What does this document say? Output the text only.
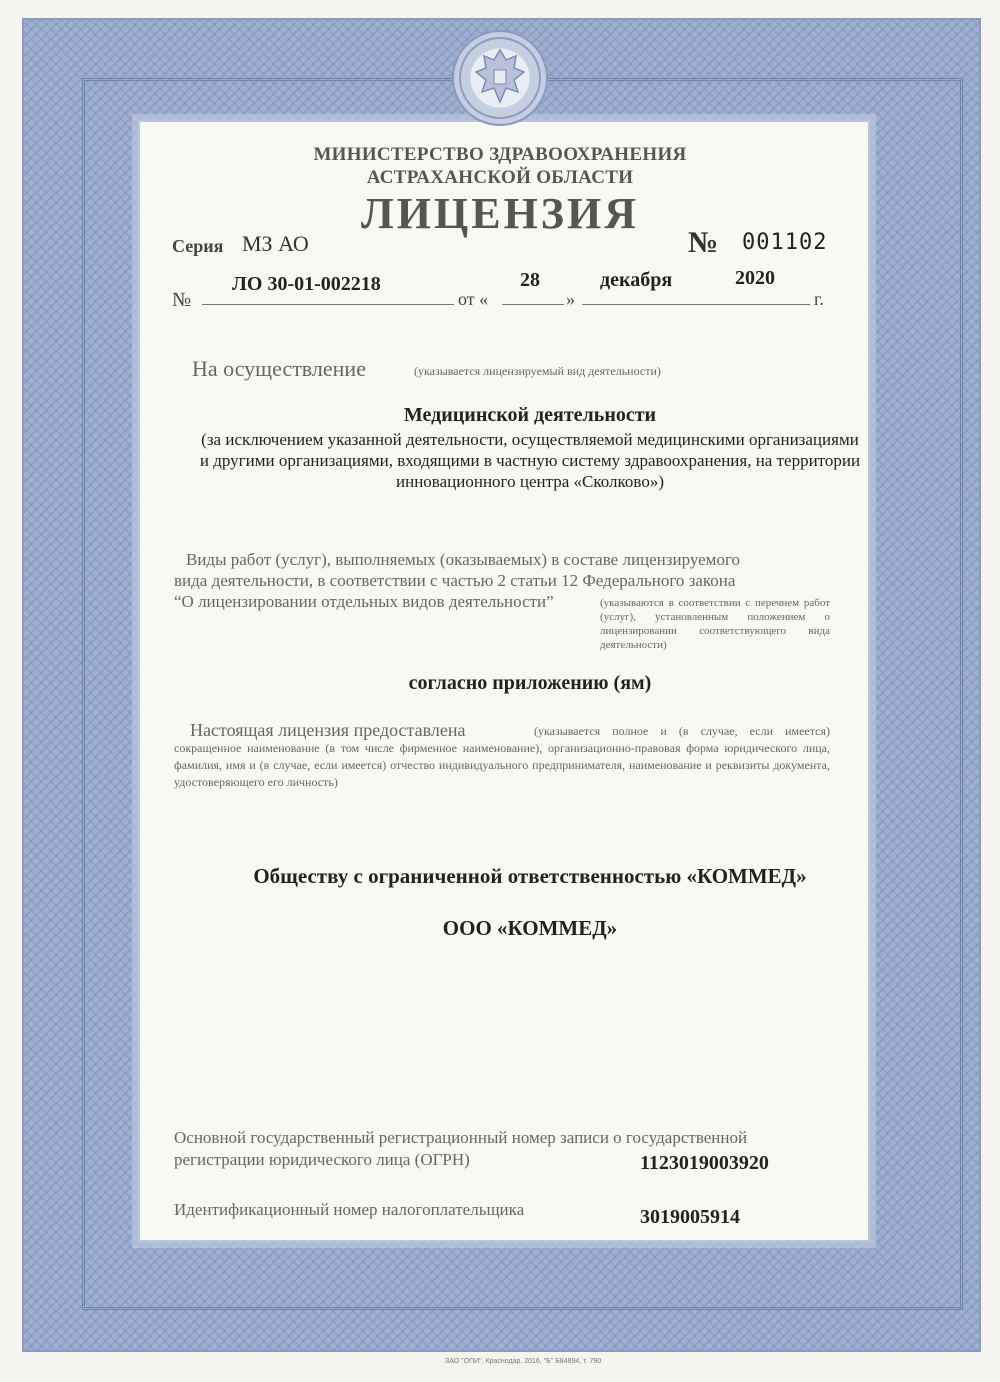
МИНИСТЕРСТВО ЗДРАВООХРАНЕНИЯ
АСТРАХАНСКОЙ ОБЛАСТИ
ЛИЦЕНЗИЯ
Серия МЗ АО	№ 001102
№
ЛО 30-01-002218
от «
28
»
декабря	2020
г.
На осуществление	(указывается лицензируемый вид деятельности)
Медицинской деятельности
(за исключением указанной деятельности, осуществляемой медицинскими организациями
и другими организациями, входящими в частную систему здравоохранения, на территории
инновационного центра «Сколково»)
Виды работ (услуг), выполняемых (оказываемых) в составе лицензируемого
вида деятельности, в соответствии с частью 2 статьи 12 Федерального закона
“О лицензировании отдельных видов деятельности”	(указываются в соответствии с перечнем работ (услуг), установленным положением о лицензировании соответствующего вида деятельности)
согласно приложению (ям)
Настоящая лицензия предоставлена	(указывается полное и (в случае, если имеется) сокращенное наименование (в том числе фирменное наименование), организационно-правовая форма юридического лица, фамилия, имя и (в случае, если имеется) отчество индивидуального предпринимателя, наименование и реквизиты документа, удостоверяющего его личность)
Обществу с ограниченной ответственностью «КОММЕД»
ООО «КОММЕД»
Основной государственный регистрационный номер записи о государственной
регистрации юридического лица (ОГРН)	1123019003920
Идентификационный номер налогоплательщика	3019005914
ЗАО "ОПИ", Краснодар, 2016, "Б" Б84894, т. 790
